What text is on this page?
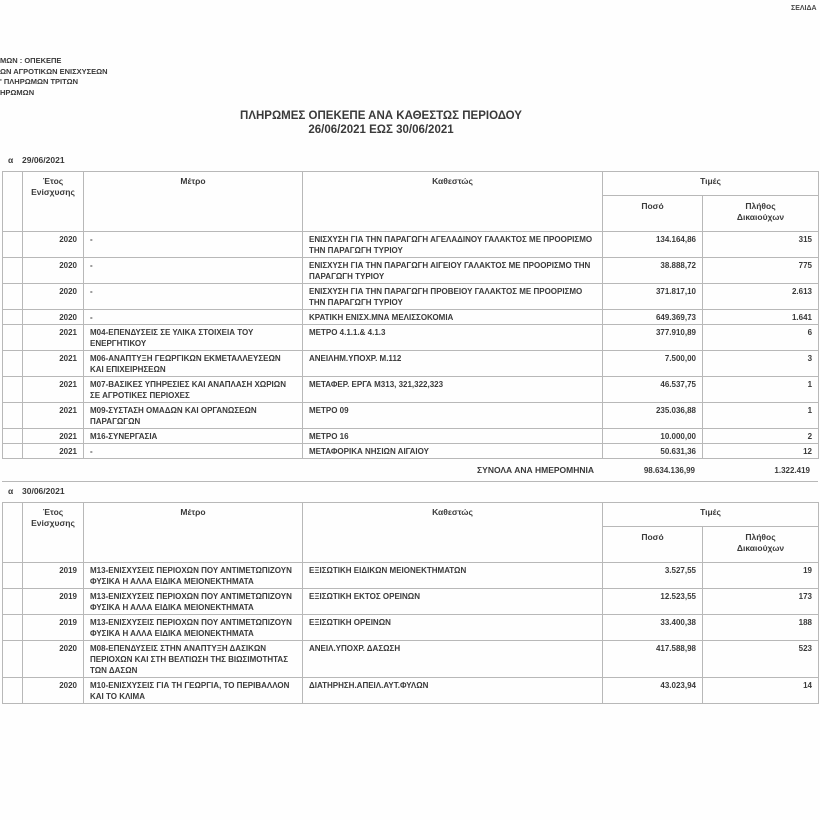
ΣΕΛΙΔΑ
ΜΩΝ : ΟΠΕΚΕΠΕ
ΩΝ ΑΓΡΟΤΙΚΩΝ ΕΝΙΣΧΥΣΕΩΝ
' ΠΛΗΡΩΜΩΝ ΤΡΙΤΩΝ
ΗΡΩΜΩΝ
ΠΛΗΡΩΜΕΣ ΟΠΕΚΕΠΕ ΑΝΑ ΚΑΘΕΣΤΩΣ ΠΕΡΙΟΔΟΥ
26/06/2021 ΕΩΣ 30/06/2021
α 29/06/2021
	Έτος Ενίσχυσης	Μέτρο	Καθεστώς	Τιμές	
				Ποσό	Πλήθος Δικαιούχων
	2020	-	ΕΝΙΣΧΥΣΗ ΓΙΑ ΤΗΝ ΠΑΡΑΓΩΓΗ ΑΓΕΛΑΔΙΝΟΥ ΓΑΛΑΚΤΟΣ ΜΕ ΠΡΟΟΡΙΣΜΟ ΤΗΝ ΠΑΡΑΓΩΓΗ ΤΥΡΙΟΥ	134.164,86	315
	2020	-	ΕΝΙΣΧΥΣΗ ΓΙΑ ΤΗΝ ΠΑΡΑΓΩΓΗ ΑΙΓΕΙΟΥ ΓΑΛΑΚΤΟΣ ΜΕ ΠΡΟΟΡΙΣΜΟ ΤΗΝ ΠΑΡΑΓΩΓΗ ΤΥΡΙΟΥ	38.888,72	775
	2020	-	ΕΝΙΣΧΥΣΗ ΓΙΑ ΤΗΝ ΠΑΡΑΓΩΓΗ ΠΡΟΒΕΙΟΥ ΓΑΛΑΚΤΟΣ ΜΕ ΠΡΟΟΡΙΣΜΟ ΤΗΝ ΠΑΡΑΓΩΓΗ ΤΥΡΙΟΥ	371.817,10	2.613
	2020	-	ΚΡΑΤΙΚΗ ΕΝΙΣΧ.ΜΝΑ ΜΕΛΙΣΣΟΚΟΜΙΑ	649.369,73	1.641
	2021	Μ04-ΕΠΕΝΔΥΣΕΙΣ ΣΕ ΥΛΙΚΑ ΣΤΟΙΧΕΙΑ ΤΟΥ ΕΝΕΡΓΗΤΙΚΟΥ	ΜΕΤΡΟ 4.1.1.& 4.1.3	377.910,89	6
	2021	Μ06-ΑΝΑΠΤΥΞΗ ΓΕΩΡΓΙΚΩΝ ΕΚΜΕΤΑΛΛΕΥΣΕΩΝ ΚΑΙ ΕΠΙΧΕΙΡΗΣΕΩΝ	ΑΝΕΙΛΗΜ.ΥΠΟΧΡ. Μ.112	7.500,00	3
	2021	Μ07-ΒΑΣΙΚΕΣ ΥΠΗΡΕΣΙΕΣ ΚΑΙ ΑΝΑΠΛΑΣΗ ΧΩΡΙΩΝ ΣΕ ΑΓΡΟΤΙΚΕΣ ΠΕΡΙΟΧΕΣ	ΜΕΤΑΦΕΡ. ΕΡΓΑ Μ313, 321,322,323	46.537,75	1
	2021	Μ09-ΣΥΣΤΑΣΗ ΟΜΑΔΩΝ ΚΑΙ ΟΡΓΑΝΩΣΕΩΝ ΠΑΡΑΓΩΓΩΝ	ΜΕΤΡΟ 09	235.036,88	1
	2021	Μ16-ΣΥΝΕΡΓΑΣΙΑ	ΜΕΤΡΟ 16	10.000,00	2
	2021	-	ΜΕΤΑΦΟΡΙΚΑ ΝΗΣΙΩΝ ΑΙΓΑΙΟΥ	50.631,36	12
ΣΥΝΟΛΑ ΑΝΑ ΗΜΕΡΟΜΗΝΙΑ	98.634.136,99	1.322.419
α 30/06/2021
	Έτος Ενίσχυσης	Μέτρο	Καθεστώς	Τιμές	
				Ποσό	Πλήθος Δικαιούχων
	2019	Μ13-ΕΝΙΣΧΥΣΕΙΣ ΠΕΡΙΟΧΩΝ ΠΟΥ ΑΝΤΙΜΕΤΩΠΙΖΟΥΝ ΦΥΣΙΚΑ Η ΑΛΛΑ ΕΙΔΙΚΑ ΜΕΙΟΝΕΚΤΗΜΑΤΑ	ΕΞΙΣΩΤΙΚΗ ΕΙΔΙΚΩΝ ΜΕΙΟΝΕΚΤΗΜΑΤΩΝ	3.527,55	19
	2019	Μ13-ΕΝΙΣΧΥΣΕΙΣ ΠΕΡΙΟΧΩΝ ΠΟΥ ΑΝΤΙΜΕΤΩΠΙΖΟΥΝ ΦΥΣΙΚΑ Η ΑΛΛΑ ΕΙΔΙΚΑ ΜΕΙΟΝΕΚΤΗΜΑΤΑ	ΕΞΙΣΩΤΙΚΗ ΕΚΤΟΣ ΟΡΕΙΝΩΝ	12.523,55	173
	2019	Μ13-ΕΝΙΣΧΥΣΕΙΣ ΠΕΡΙΟΧΩΝ ΠΟΥ ΑΝΤΙΜΕΤΩΠΙΖΟΥΝ ΦΥΣΙΚΑ Η ΑΛΛΑ ΕΙΔΙΚΑ ΜΕΙΟΝΕΚΤΗΜΑΤΑ	ΕΞΙΣΩΤΙΚΗ ΟΡΕΙΝΩΝ	33.400,38	188
	2020	Μ08-ΕΠΕΝΔΥΣΕΙΣ ΣΤΗΝ ΑΝΑΠΤΥΞΗ ΔΑΣΙΚΩΝ ΠΕΡΙΟΧΩΝ ΚΑΙ ΣΤΗ ΒΕΛΤΙΩΣΗ ΤΗΣ ΒΙΩΣΙΜΟΤΗΤΑΣ ΤΩΝ ΔΑΣΩΝ	ΑΝΕΙΛ.ΥΠΟΧΡ. ΔΑΣΩΣΗ	417.588,98	523
	2020	Μ10-ΕΝΙΣΧΥΣΕΙΣ ΓΙΑ ΤΗ ΓΕΩΡΓΙΑ, ΤΟ ΠΕΡΙΒΑΛΛΟΝ ΚΑΙ ΤΟ ΚΛΙΜΑ	ΔΙΑΤΗΡΗΣΗ.ΑΠΕΙΛ.ΑΥΤ.ΦΥΛΩΝ	43.023,94	14
